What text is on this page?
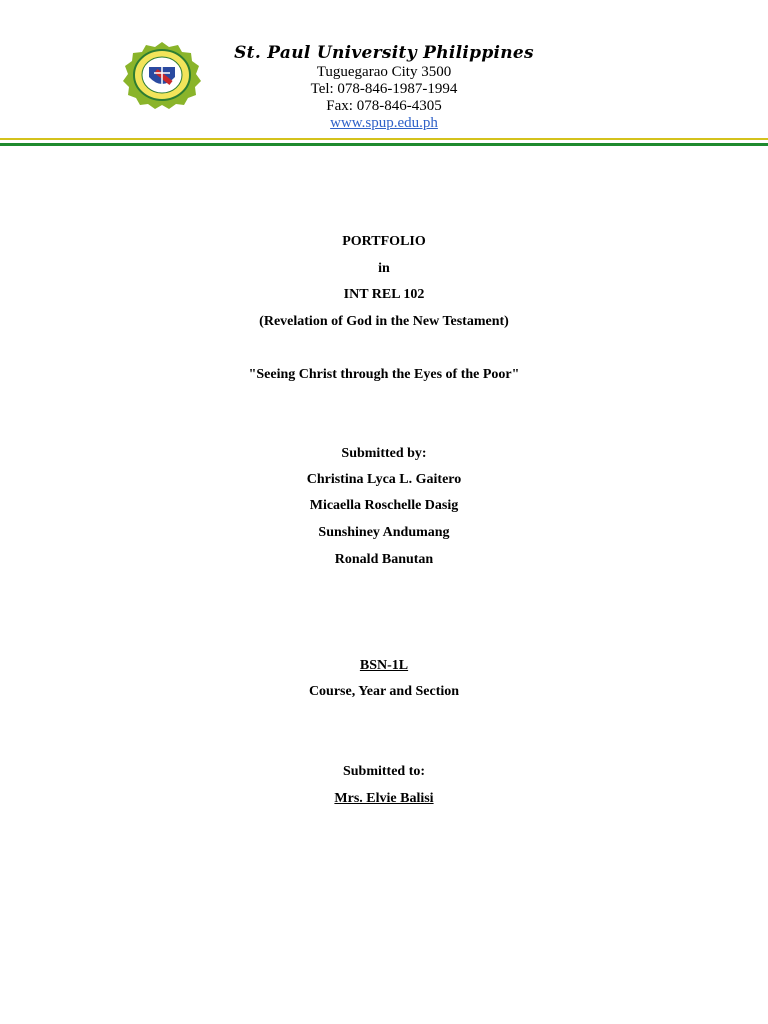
St. Paul University Philippines
Tuguegarao City 3500
Tel: 078-846-1987-1994
Fax: 078-846-4305
www.spup.edu.ph
PORTFOLIO
in
INT REL 102
(Revelation of God in the New Testament)
"Seeing Christ through the Eyes of the Poor"
Submitted by:
Christina Lyca L. Gaitero
Micaella Roschelle Dasig
Sunshiney Andumang
Ronald Banutan
BSN-1L
Course, Year and Section
Submitted to:
Mrs. Elvie Balisi
